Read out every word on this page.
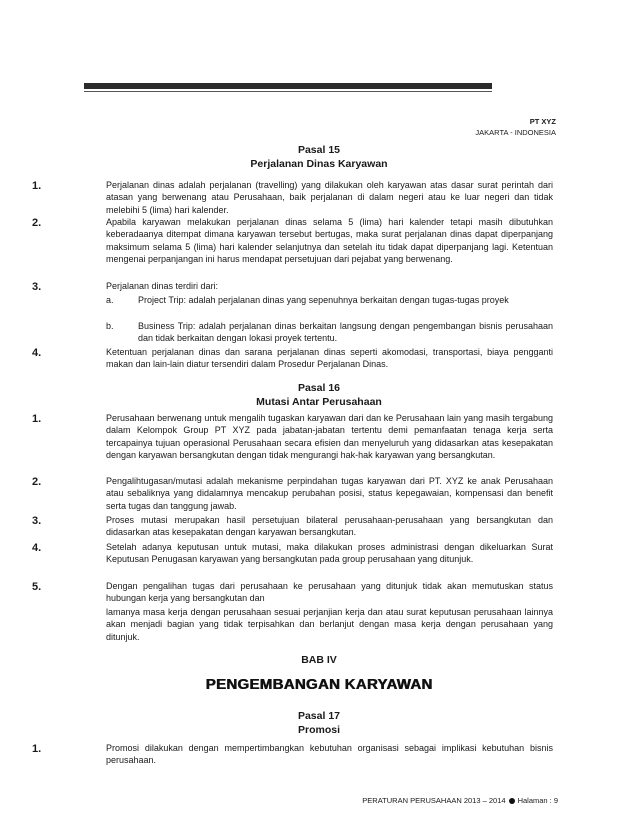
PT XYZ
JAKARTA - INDONESIA
Pasal 15
Perjalanan Dinas Karyawan
1.	Perjalanan dinas adalah perjalanan (travelling) yang dilakukan oleh karyawan atas dasar surat perintah dari atasan yang berwenang atau Perusahaan, baik perjalanan di dalam negeri atau ke luar negeri dan tidak melebihi 5 (lima) hari kalender.
2.	Apabila karyawan melakukan perjalanan dinas selama 5 (lima) hari kalender tetapi masih dibutuhkan keberadaanya ditempat dimana karyawan tersebut bertugas, maka surat perjalanan dinas dapat diperpanjang maksimum selama 5 (lima) hari kalender selanjutnya dan setelah itu tidak dapat diperpanjang lagi. Ketentuan mengenai perpanjangan ini harus mendapat persetujuan dari pejabat yang berwenang.
3.	Perjalanan dinas terdiri dari:
a.	Project Trip: adalah perjalanan dinas yang sepenuhnya berkaitan dengan tugas-tugas proyek
b.	Business Trip: adalah perjalanan dinas berkaitan langsung dengan pengembangan bisnis perusahaan dan tidak berkaitan dengan lokasi proyek tertentu.
4.	Ketentuan perjalanan dinas dan sarana perjalanan dinas seperti akomodasi, transportasi, biaya pengganti makan dan lain-lain diatur tersendiri dalam Prosedur Perjalanan Dinas.
Pasal 16
Mutasi Antar Perusahaan
1.	Perusahaan berwenang untuk mengalih tugaskan karyawan dari dan ke Perusahaan lain yang masih tergabung dalam Kelompok Group PT XYZ pada jabatan-jabatan tertentu demi pemanfaatan tenaga kerja serta tercapainya tujuan operasional Perusahaan secara efisien dan menyeluruh yang didasarkan atas kesepakatan dengan karyawan bersangkutan dengan tidak mengurangi hak-hak karyawan yang bersangkutan.
2.	Pengalihtugasan/mutasi adalah mekanisme perpindahan tugas karyawan dari PT. XYZ ke anak Perusahaan atau sebaliknya yang didalamnya mencakup perubahan posisi, status kepegawaian, kompensasi dan benefit serta tugas dan tanggung jawab.
3.	Proses mutasi merupakan hasil persetujuan bilateral perusahaan-perusahaan yang bersangkutan dan didasarkan atas kesepakatan dengan karyawan bersangkutan.
4.	Setelah adanya keputusan untuk mutasi, maka dilakukan proses administrasi dengan dikeluarkan Surat Keputusan Penugasan karyawan yang bersangkutan pada group perusahaan yang ditunjuk.
5.	Dengan pengalihan tugas dari perusahaan ke perusahaan yang ditunjuk tidak akan memutuskan status hubungan kerja yang bersangkutan dan
lamanya masa kerja dengan perusahaan sesuai perjanjian kerja dan atau surat keputusan perusahaan lainnya akan menjadi bagian yang tidak terpisahkan dan berlanjut dengan masa kerja dengan perusahaan yang ditunjuk.
BAB IV
PENGEMBANGAN KARYAWAN
Pasal 17
Promosi
1.	Promosi dilakukan dengan mempertimbangkan kebutuhan organisasi sebagai implikasi kebutuhan bisnis perusahaan.
PERATURAN PERUSAHAAN 2013 – 2014 Halaman : 9
